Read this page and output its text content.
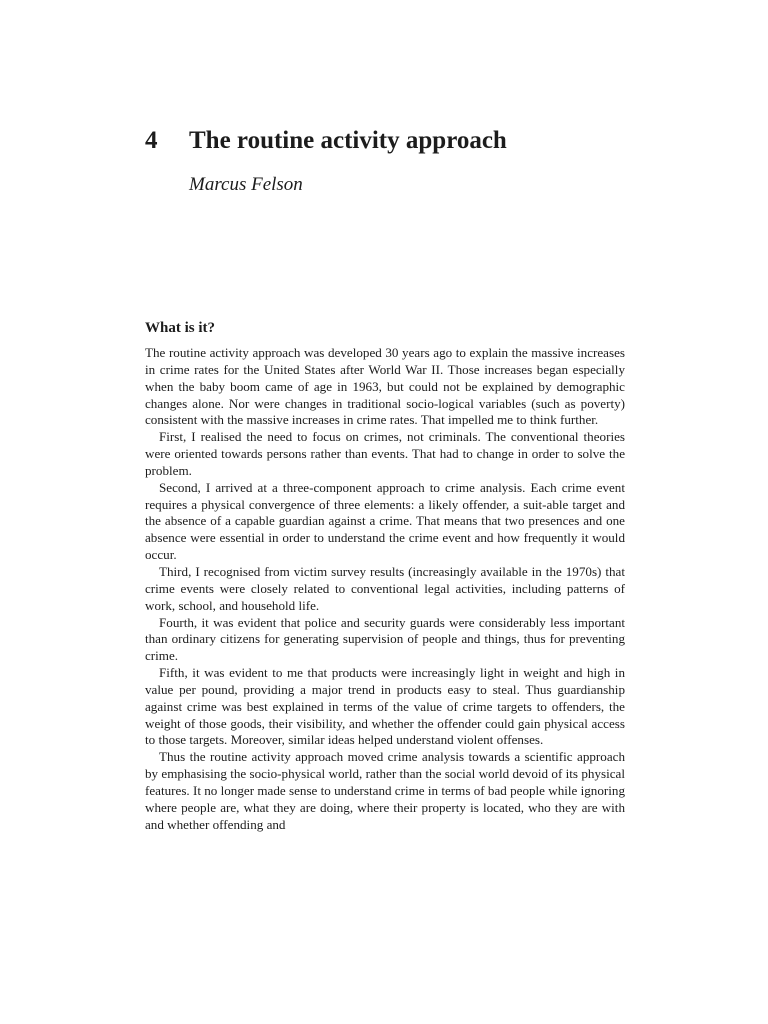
4	The routine activity approach

Marcus Felson

What is it?

The routine activity approach was developed 30 years ago to explain the massive increases in crime rates for the United States after World War II. Those increases began especially when the baby boom came of age in 1963, but could not be explained by demographic changes alone. Nor were changes in traditional socio-logical variables (such as poverty) consistent with the massive increases in crime rates. That impelled me to think further.

First, I realised the need to focus on crimes, not criminals. The conventional theories were oriented towards persons rather than events. That had to change in order to solve the problem.

Second, I arrived at a three-component approach to crime analysis. Each crime event requires a physical convergence of three elements: a likely offender, a suit-able target and the absence of a capable guardian against a crime. That means that two presences and one absence were essential in order to understand the crime event and how frequently it would occur.

Third, I recognised from victim survey results (increasingly available in the 1970s) that crime events were closely related to conventional legal activities, including patterns of work, school, and household life.

Fourth, it was evident that police and security guards were considerably less important than ordinary citizens for generating supervision of people and things, thus for preventing crime.

Fifth, it was evident to me that products were increasingly light in weight and high in value per pound, providing a major trend in products easy to steal. Thus guardianship against crime was best explained in terms of the value of crime targets to offenders, the weight of those goods, their visibility, and whether the offender could gain physical access to those targets. Moreover, similar ideas helped understand violent offenses.

Thus the routine activity approach moved crime analysis towards a scientific approach by emphasising the socio-physical world, rather than the social world devoid of its physical features. It no longer made sense to understand crime in terms of bad people while ignoring where people are, what they are doing, where their property is located, who they are with and whether offending and
